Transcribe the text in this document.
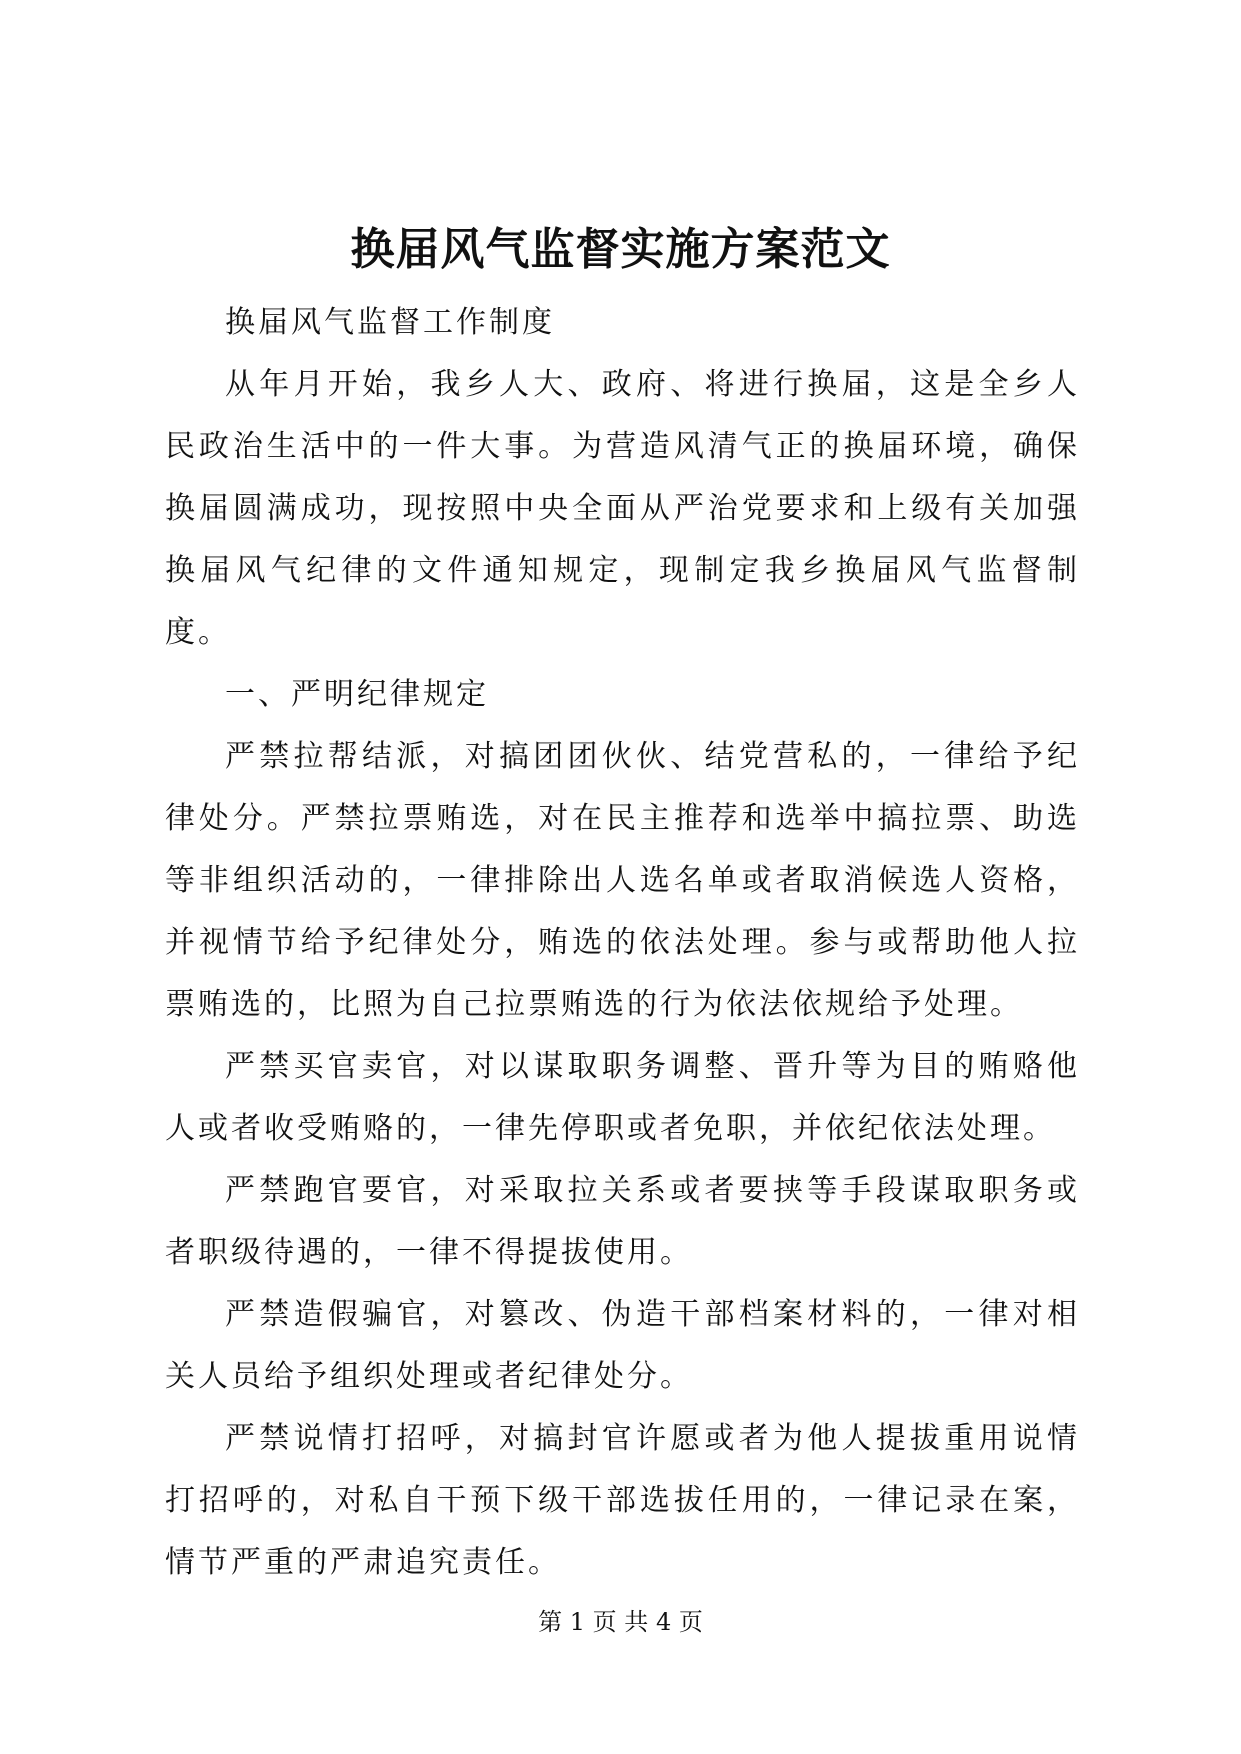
换届风气监督实施方案范文

换届风气监督工作制度

从年月开始，我乡人大、政府、将进行换届，这是全乡人民政治生活中的一件大事。为营造风清气正的换届环境，确保换届圆满成功，现按照中央全面从严治党要求和上级有关加强换届风气纪律的文件通知规定，现制定我乡换届风气监督制度。

一、严明纪律规定

严禁拉帮结派，对搞团团伙伙、结党营私的，一律给予纪律处分。严禁拉票贿选，对在民主推荐和选举中搞拉票、助选等非组织活动的，一律排除出人选名单或者取消候选人资格，并视情节给予纪律处分，贿选的依法处理。参与或帮助他人拉票贿选的，比照为自己拉票贿选的行为依法依规给予处理。

严禁买官卖官，对以谋取职务调整、晋升等为目的贿赂他人或者收受贿赂的，一律先停职或者免职，并依纪依法处理。

严禁跑官要官，对采取拉关系或者要挟等手段谋取职务或者职级待遇的，一律不得提拔使用。

严禁造假骗官，对篡改、伪造干部档案材料的，一律对相关人员给予组织处理或者纪律处分。

严禁说情打招呼，对搞封官许愿或者为他人提拔重用说情打招呼的，对私自干预下级干部选拔任用的，一律记录在案，情节严重的严肃追究责任。

第 1 页 共 4 页
